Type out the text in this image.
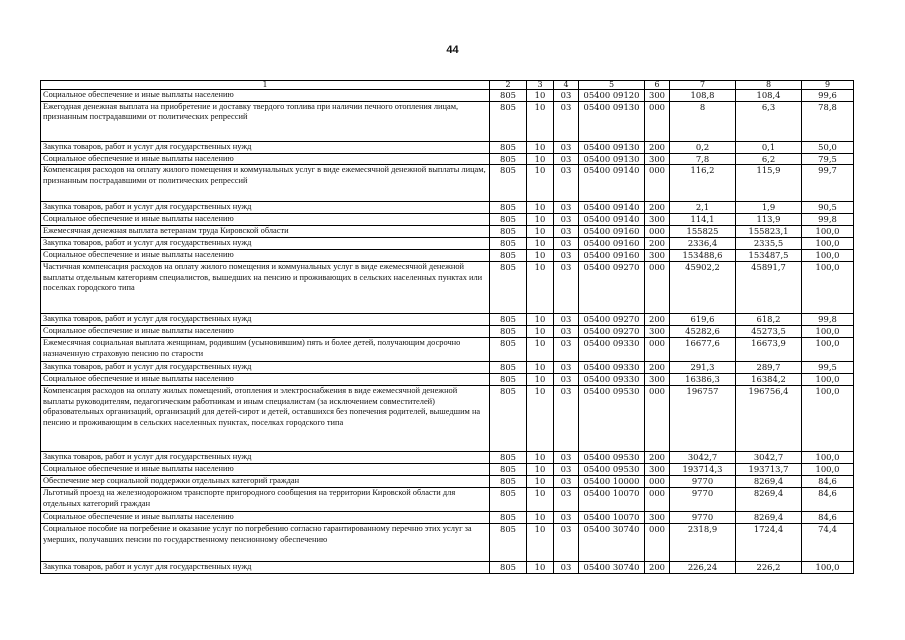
44
1	2	3	4	5	6	7	8	9
Социальное обеспечение и иные выплаты населению	805	10	03	05400 09120	300	108,8	108,4	99,6
Ежегодная денежная выплата на приобретение и доставку твердого топлива при наличии печного отопления лицам, признанным пострадавшими от политических репрессий	805	10	03	05400 09130	000	8	6,3	78,8
Закупка товаров, работ и услуг для государственных нужд	805	10	03	05400 09130	200	0,2	0,1	50,0
Социальное обеспечение и иные выплаты населению	805	10	03	05400 09130	300	7,8	6,2	79,5
Компенсация расходов на оплату жилого помещения и коммунальных услуг в виде ежемесячной денежной выплаты лицам, признанным пострадавшими от политических репрессий	805	10	03	05400 09140	000	116,2	115,9	99,7
Закупка товаров, работ и услуг для государственных нужд	805	10	03	05400 09140	200	2,1	1,9	90,5
Социальное обеспечение и иные выплаты населению	805	10	03	05400 09140	300	114,1	113,9	99,8
Ежемесячная денежная выплата ветеранам труда Кировской области	805	10	03	05400 09160	000	155825	155823,1	100,0
Закупка товаров, работ и услуг для государственных нужд	805	10	03	05400 09160	200	2336,4	2335,5	100,0
Социальное обеспечение и иные выплаты населению	805	10	03	05400 09160	300	153488,6	153487,5	100,0
Частичная компенсация расходов на оплату жилого помещения и коммунальных услуг в виде ежемесячной денежной выплаты отдельным категориям специалистов, вышедших на пенсию и проживающих в сельских населенных пунктах или поселках городского типа	805	10	03	05400 09270	000	45902,2	45891,7	100,0
Закупка товаров, работ и услуг для государственных нужд	805	10	03	05400 09270	200	619,6	618,2	99,8
Социальное обеспечение и иные выплаты населению	805	10	03	05400 09270	300	45282,6	45273,5	100,0
Ежемесячная социальная выплата женщинам, родившим (усыновившим) пять и более детей, получающим досрочно назначенную страховую пенсию по старости	805	10	03	05400 09330	000	16677,6	16673,9	100,0
Закупка товаров, работ и услуг для государственных нужд	805	10	03	05400 09330	200	291,3	289,7	99,5
Социальное обеспечение и иные выплаты населению	805	10	03	05400 09330	300	16386,3	16384,2	100,0
Компенсация расходов на оплату жилых помещений, отопления и электроснабжения в виде ежемесячной денежной выплаты руководителям, педагогическим работникам и иным специалистам (за исключением совместителей) образовательных организаций, организаций для детей-сирот и детей, оставшихся без попечения родителей, вышедшим на пенсию и проживающим в сельских населенных пунктах, поселках городского типа	805	10	03	05400 09530	000	196757	196756,4	100,0
Закупка товаров, работ и услуг для государственных нужд	805	10	03	05400 09530	200	3042,7	3042,7	100,0
Социальное обеспечение и иные выплаты населению	805	10	03	05400 09530	300	193714,3	193713,7	100,0
Обеспечение мер социальной поддержки отдельных категорий граждан	805	10	03	05400 10000	000	9770	8269,4	84,6
Льготный проезд на железнодорожном транспорте пригородного сообщения на территории Кировской области для отдельных категорий граждан	805	10	03	05400 10070	000	9770	8269,4	84,6
Социальное обеспечение и иные выплаты населению	805	10	03	05400 10070	300	9770	8269,4	84,6
Социальное пособие на погребение и оказание услуг по погребению согласно гарантированному перечню этих услуг за умерших, получавших пенсии по государственному пенсионному обеспечению	805	10	03	05400 30740	000	2318,9	1724,4	74,4
Закупка товаров, работ и услуг для государственных нужд	805	10	03	05400 30740	200	226,24	226,2	100,0
